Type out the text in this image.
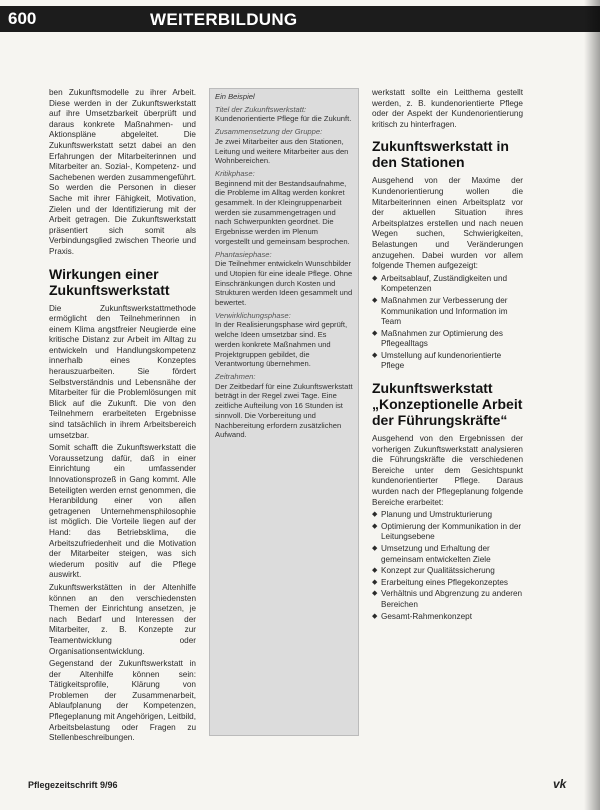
600	WEITERBILDUNG

ben Zukunftsmodelle zu ihrer Arbeit. Diese werden in der Zukunftswerkstatt auf ihre Umsetzbarkeit überprüft und daraus konkrete Maßnahmen- und Aktionspläne abgeleitet. Die Zukunftswerkstatt setzt dabei an den Erfahrungen der Mitarbeiterinnen und Mitarbeiter an. Sozial-, Kompetenz- und Sachebenen werden zusammengeführt. So werden die Personen in dieser Sache mit ihrer Fähigkeit, Motivation, Zielen und der Identifizierung mit der Arbeit getragen. Die Zukunftswerkstatt präsentiert sich somit als Verbindungsglied zwischen Theorie und Praxis.

Wirkungen einer Zukunftswerkstatt

Die Zukunftswerkstattmethode ermöglicht den Teilnehmerinnen in einem Klima angstfreier Neugierde eine kritische Distanz zur Arbeit im Alltag zu entwickeln und Handlungskompetenz innerhalb eines Konzeptes herauszuarbeiten. Sie fördert Selbstverständnis und Lebensnähe der Mitarbeiter für die Problemlösungen mit Blick auf die Zukunft. Die von den Teilnehmern erarbeiteten Ergebnisse sind tatsächlich in ihrem Arbeitsbereich umsetzbar.

Somit schafft die Zukunftswerkstatt die Voraussetzung dafür, daß in einer Einrichtung ein umfassender Innovationsprozeß in Gang kommt. Alle Beteiligten werden ernst genommen, die Heranbildung einer von allen getragenen Unternehmensphilosophie ist möglich. Die Vorteile liegen auf der Hand: das Betriebsklima, die Arbeitszufriedenheit und die Motivation der Mitarbeiter steigen, was sich wiederum positiv auf die Pflege auswirkt.

Zukunftswerkstätten in der Altenhilfe können an den verschiedensten Themen der Einrichtung ansetzen, je nach Bedarf und Interessen der Mitarbeiter, z. B. Konzepte zur Teamentwicklung oder Organisationsentwicklung.

Gegenstand der Zukunftswerkstatt in der Altenhilfe können sein: Tätigkeitsprofile, Klärung von Problemen der Zusammenarbeit, Ablaufplanung der Kompetenzen, Pflegeplanung mit Angehörigen, Leitbild, Arbeitsbelastung oder Fragen zu Stellenbeschreibungen.

Ein Beispiel

Titel der Zukunftswerkstatt:

Kundenorientierte Pflege für die Zukunft.

Zusammensetzung der Gruppe:

Je zwei Mitarbeiter aus den Stationen, Leitung und weitere Mitarbeiter aus den Wohnbereichen.

Kritikphase:

Beginnend mit der Bestandsaufnahme, die Probleme im Alltag werden konkret gesammelt. In der Kleingruppenarbeit werden sie zusammengetragen und nach Schwerpunkten geordnet. Die Ergebnisse werden im Plenum vorgestellt und gemeinsam besprochen.

Phantasiephase:

Die Teilnehmer entwickeln Wunschbilder und Utopien für eine ideale Pflege. Ohne Einschränkungen durch Kosten und Strukturen werden Ideen gesammelt und bewertet.

Verwirklichungsphase:

In der Realisierungsphase wird geprüft, welche Ideen umsetzbar sind. Es werden konkrete Maßnahmen und Projektgruppen gebildet, die Verantwortung übernehmen.

Zeitrahmen:

Der Zeitbedarf für eine Zukunftswerkstatt beträgt in der Regel zwei Tage. Eine zeitliche Aufteilung von 16 Stunden ist sinnvoll. Die Vorbereitung und Nachbereitung erfordern zusätzlichen Aufwand.

werkstatt sollte ein Leitthema gestellt werden, z. B. kundenorientierte Pflege oder der Aspekt der Kundenorientierung kritisch zu hinterfragen.

Zukunftswerkstatt in den Stationen

Ausgehend von der Maxime der Kundenorientierung wollen die Mitarbeiterinnen einen Arbeitsplatz vor der aktuellen Situation ihres Arbeitsplatzes erstellen und nach neuen Wegen suchen, Schwierigkeiten, Belastungen und Veränderungen anzugehen. Dabei wurden vor allem folgende Themen aufgezeigt:

◆ Arbeitsablauf, Zuständigkeiten und Kompetenzen
◆ Maßnahmen zur Verbesserung der Kommunikation und Information im Team
◆ Maßnahmen zur Optimierung des Pflegealltags
◆ Umstellung auf kundenorientierte Pflege
Zukunftswerkstatt „Konzeptionelle Arbeit der Führungskräfte“

Ausgehend von den Ergebnissen der vorherigen Zukunftswerkstatt analysieren die Führungskräfte die verschiedenen Bereiche unter dem Gesichtspunkt kundenorientierter Pflege. Daraus wurden nach der Pflegeplanung folgende Bereiche erarbeitet:

◆ Planung und Umstrukturierung
◆ Optimierung der Kommunikation in der Leitungsebene
◆ Umsetzung und Erhaltung der gemeinsam entwickelten Ziele
◆ Konzept zur Qualitätssicherung
◆ Erarbeitung eines Pflegekonzeptes
◆ Verhältnis und Abgrenzung zu anderen Bereichen
◆ Gesamt-Rahmenkonzept
Pflegezeitschrift 9/96	vk
